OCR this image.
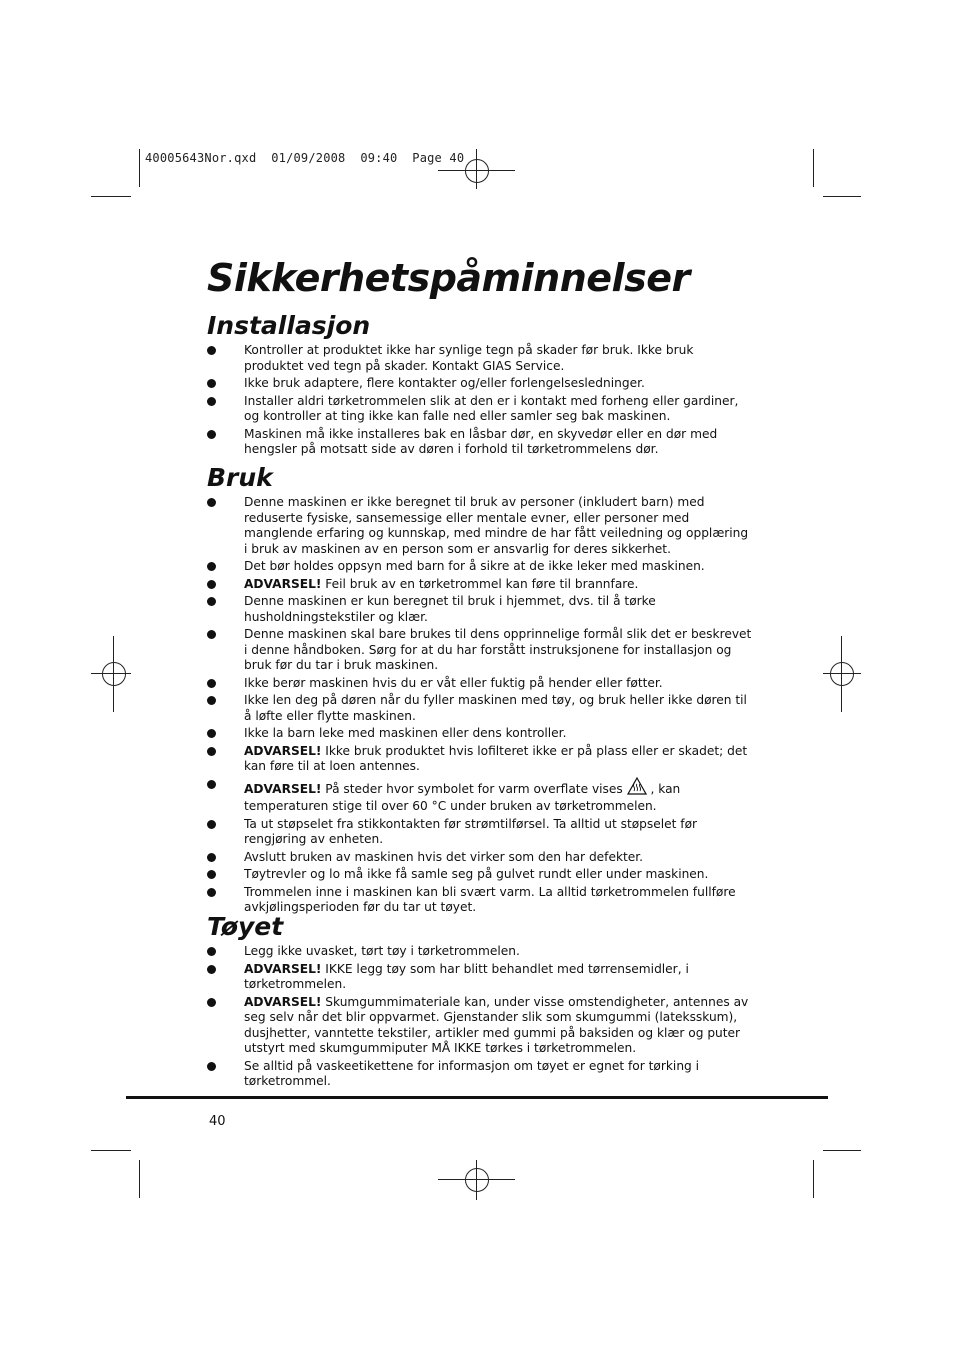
40005643Nor.qxd  01/09/2008  09:40  Page 40
Sikkerhetspåminnelser
Installasjon
Kontroller at produktet ikke har synlige tegn på skader før bruk. Ikke bruk produktet ved tegn på skader. Kontakt GIAS Service.
Ikke bruk adaptere, flere kontakter og/eller forlengelsesledninger.
Installer aldri tørketrommelen slik at den er i kontakt med forheng eller gardiner, og kontroller at ting ikke kan falle ned eller samler seg bak maskinen.
Maskinen må ikke installeres bak en låsbar dør, en skyvedør eller en dør med hengsler på motsatt side av døren i forhold til tørketrommelens dør.
Bruk
Denne maskinen er ikke beregnet til bruk av personer (inkludert barn) med reduserte fysiske, sansemessige eller mentale evner, eller personer med manglende erfaring og kunnskap, med mindre de har fått veiledning og opplæring i bruk av maskinen av en person som er ansvarlig for deres sikkerhet.
Det bør holdes oppsyn med barn for å sikre at de ikke leker med maskinen.
ADVARSEL! Feil bruk av en tørketrommel kan føre til brannfare.
Denne maskinen er kun beregnet til bruk i hjemmet, dvs. til å tørke husholdningstekstiler og klær.
Denne maskinen skal bare brukes til dens opprinnelige formål slik det er beskrevet i denne håndboken. Sørg for at du har forstått instruksjonene for installasjon og bruk før du tar i bruk maskinen.
Ikke berør maskinen hvis du er våt eller fuktig på hender eller føtter.
Ikke len deg på døren når du fyller maskinen med tøy, og bruk heller ikke døren til å løfte eller flytte maskinen.
Ikke la barn leke med maskinen eller dens kontroller.
ADVARSEL! Ikke bruk produktet hvis lofilteret ikke er på plass eller er skadet; det kan føre til at loen antennes.
ADVARSEL! På steder hvor symbolet for varm overflate vises  , kan temperaturen stige til over 60 °C under bruken av tørketrommelen.
Ta ut støpselet fra stikkontakten før strømtilførsel. Ta alltid ut støpselet før rengjøring av enheten.
Avslutt bruken av maskinen hvis det virker som den har defekter.
Tøytrevler og lo må ikke få samle seg på gulvet rundt eller under maskinen.
Trommelen inne i maskinen kan bli svært varm. La alltid tørketrommelen fullføre avkjølingsperioden før du tar ut tøyet.
Tøyet
Legg ikke uvasket, tørt tøy i tørketrommelen.
ADVARSEL! IKKE legg tøy som har blitt behandlet med tørrensemidler, i tørketrommelen.
ADVARSEL! Skumgummimateriale kan, under visse omstendigheter, antennes av seg selv når det blir oppvarmet. Gjenstander slik som skumgummi (lateksskum), dusjhetter, vanntette tekstiler, artikler med gummi på baksiden og klær og puter utstyrt med skumgummiputer MÅ IKKE tørkes i tørketrommelen.
Se alltid på vaskeetikettene for informasjon om tøyet er egnet for tørking i tørketrommel.
40
